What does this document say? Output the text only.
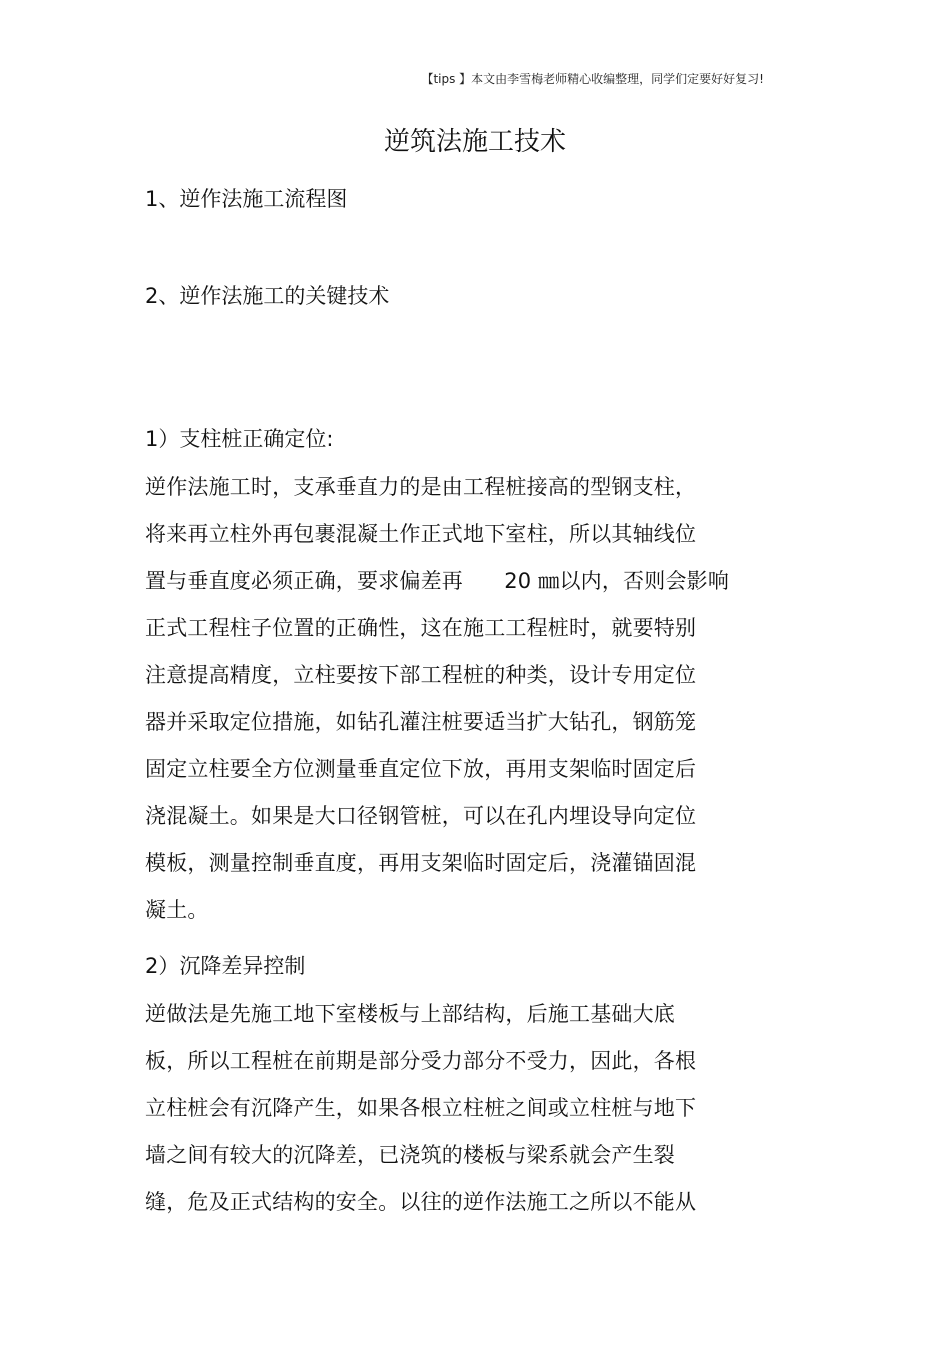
【tips 】本文由李雪梅老师精心收编整理，同学们定要好好复习!
逆筑法施工技术
1、逆作法施工流程图
2、逆作法施工的关键技术
1）支柱桩正确定位:
逆作法施工时，支承垂直力的是由工程桩接高的型钢支柱，
将来再立柱外再包裹混凝土作正式地下室柱，所以其轴线位
置与垂直度必须正确，要求偏差再      20 ㎜以内，否则会影响
正式工程柱子位置的正确性，这在施工工程桩时，就要特别
注意提高精度，立柱要按下部工程桩的种类，设计专用定位
器并采取定位措施，如钻孔灌注桩要适当扩大钻孔，钢筋笼
固定立柱要全方位测量垂直定位下放，再用支架临时固定后
浇混凝土。如果是大口径钢管桩，可以在孔内埋设导向定位
模板，测量控制垂直度，再用支架临时固定后，浇灌锚固混
凝土。
2）沉降差异控制
逆做法是先施工地下室楼板与上部结构，后施工基础大底
板，所以工程桩在前期是部分受力部分不受力，因此，各根
立柱桩会有沉降产生，如果各根立柱桩之间或立柱桩与地下
墙之间有较大的沉降差，已浇筑的楼板与梁系就会产生裂
缝，危及正式结构的安全。以往的逆作法施工之所以不能从
